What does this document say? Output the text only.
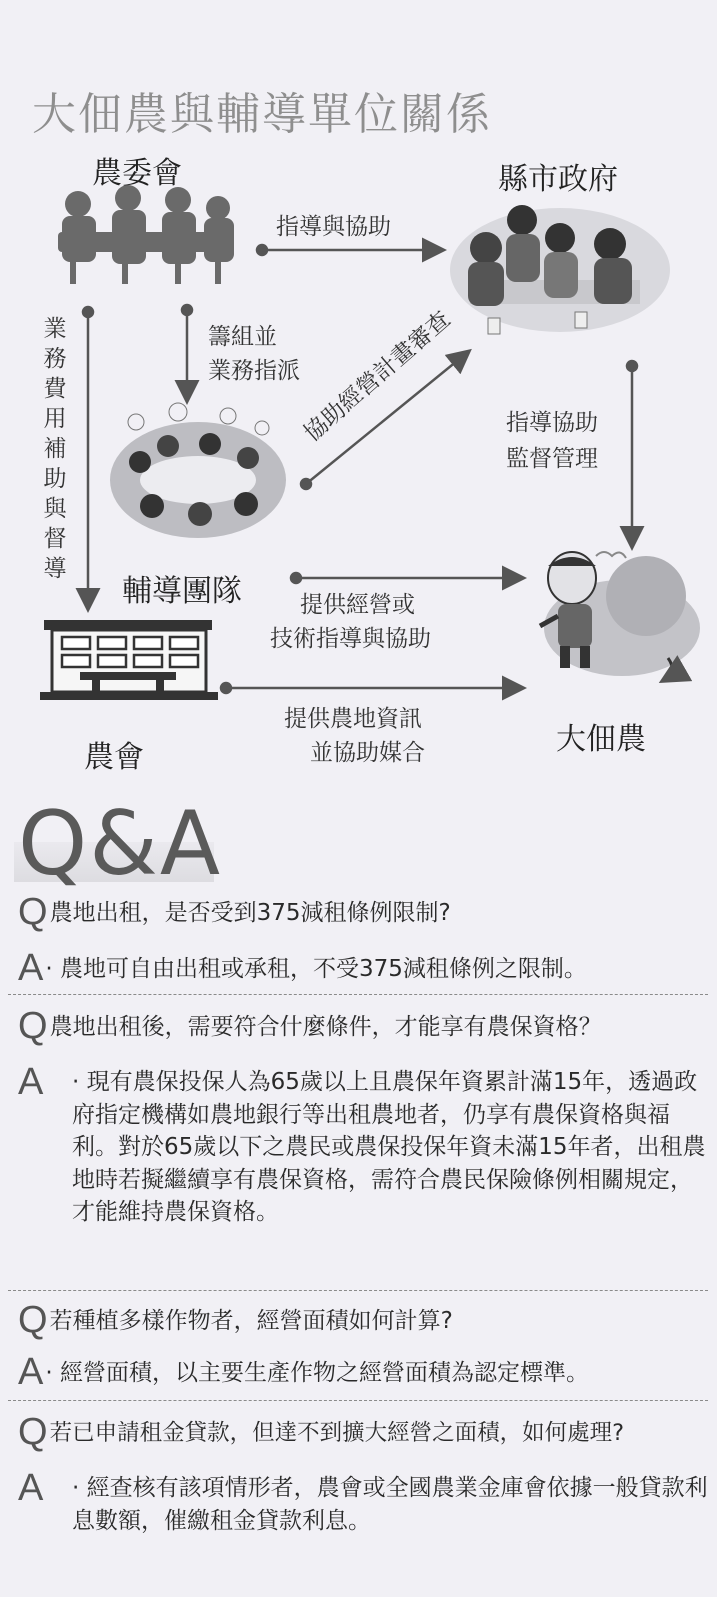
大佃農與輔導單位關係
農委會	縣市政府
輔導團隊
農會
大佃農
指導與協助
籌組並
業務指派
業務費用補助與督導
協助經營計畫審查 指導協助
監督管理
提供經營或
技術指導與協助
提供農地資訊
並協助媒合
Q&A
Q農地出租，是否受到375減租條例限制?
A· 農地可自由出租或承租，不受375減租條例之限制。
Q農地出租後，需要符合什麼條件，才能享有農保資格？
A · 現有農保投保人為65歲以上且農保年資累計滿15年，透過政府指定機構如農地銀行等出租農地者，仍享有農保資格與福利。對於65歲以下之農民或農保投保年資未滿15年者，出租農地時若擬繼續享有農保資格，需符合農民保險條例相關規定，才能維持農保資格。
Q若種植多樣作物者，經營面積如何計算?
A· 經營面積，以主要生產作物之經營面積為認定標準。
Q若已申請租金貸款，但達不到擴大經營之面積，如何處理?
A · 經查核有該項情形者，農會或全國農業金庫會依據一般貸款利息數額，催繳租金貸款利息。
